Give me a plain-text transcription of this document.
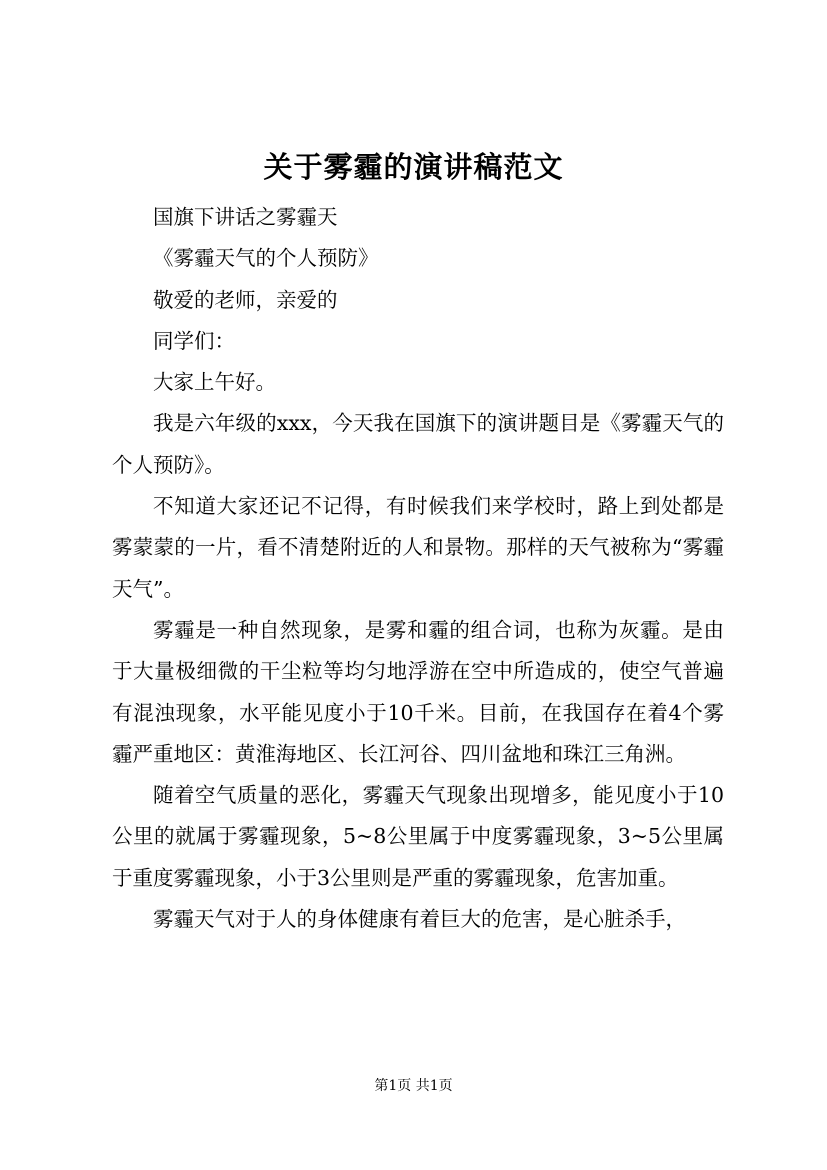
关于雾霾的演讲稿范文

国旗下讲话之雾霾天

《雾霾天气的个人预防》

敬爱的老师，亲爱的

同学们：

大家上午好。

我是六年级的xxx，今天我在国旗下的演讲题目是《雾霾天气的个人预防》。

不知道大家还记不记得，有时候我们来学校时，路上到处都是雾蒙蒙的一片，看不清楚附近的人和景物。那样的天气被称为“雾霾天气”。

雾霾是一种自然现象，是雾和霾的组合词，也称为灰霾。是由于大量极细微的干尘粒等均匀地浮游在空中所造成的，使空气普遍有混浊现象，水平能见度小于10千米。目前，在我国存在着4个雾霾严重地区：黄淮海地区、长江河谷、四川盆地和珠江三角洲。

随着空气质量的恶化，雾霾天气现象出现增多，能见度小于10公里的就属于雾霾现象，5~8公里属于中度雾霾现象，3~5公里属于重度雾霾现象，小于3公里则是严重的雾霾现象，危害加重。

雾霾天气对于人的身体健康有着巨大的危害，是心脏杀手，

第1页 共1页
